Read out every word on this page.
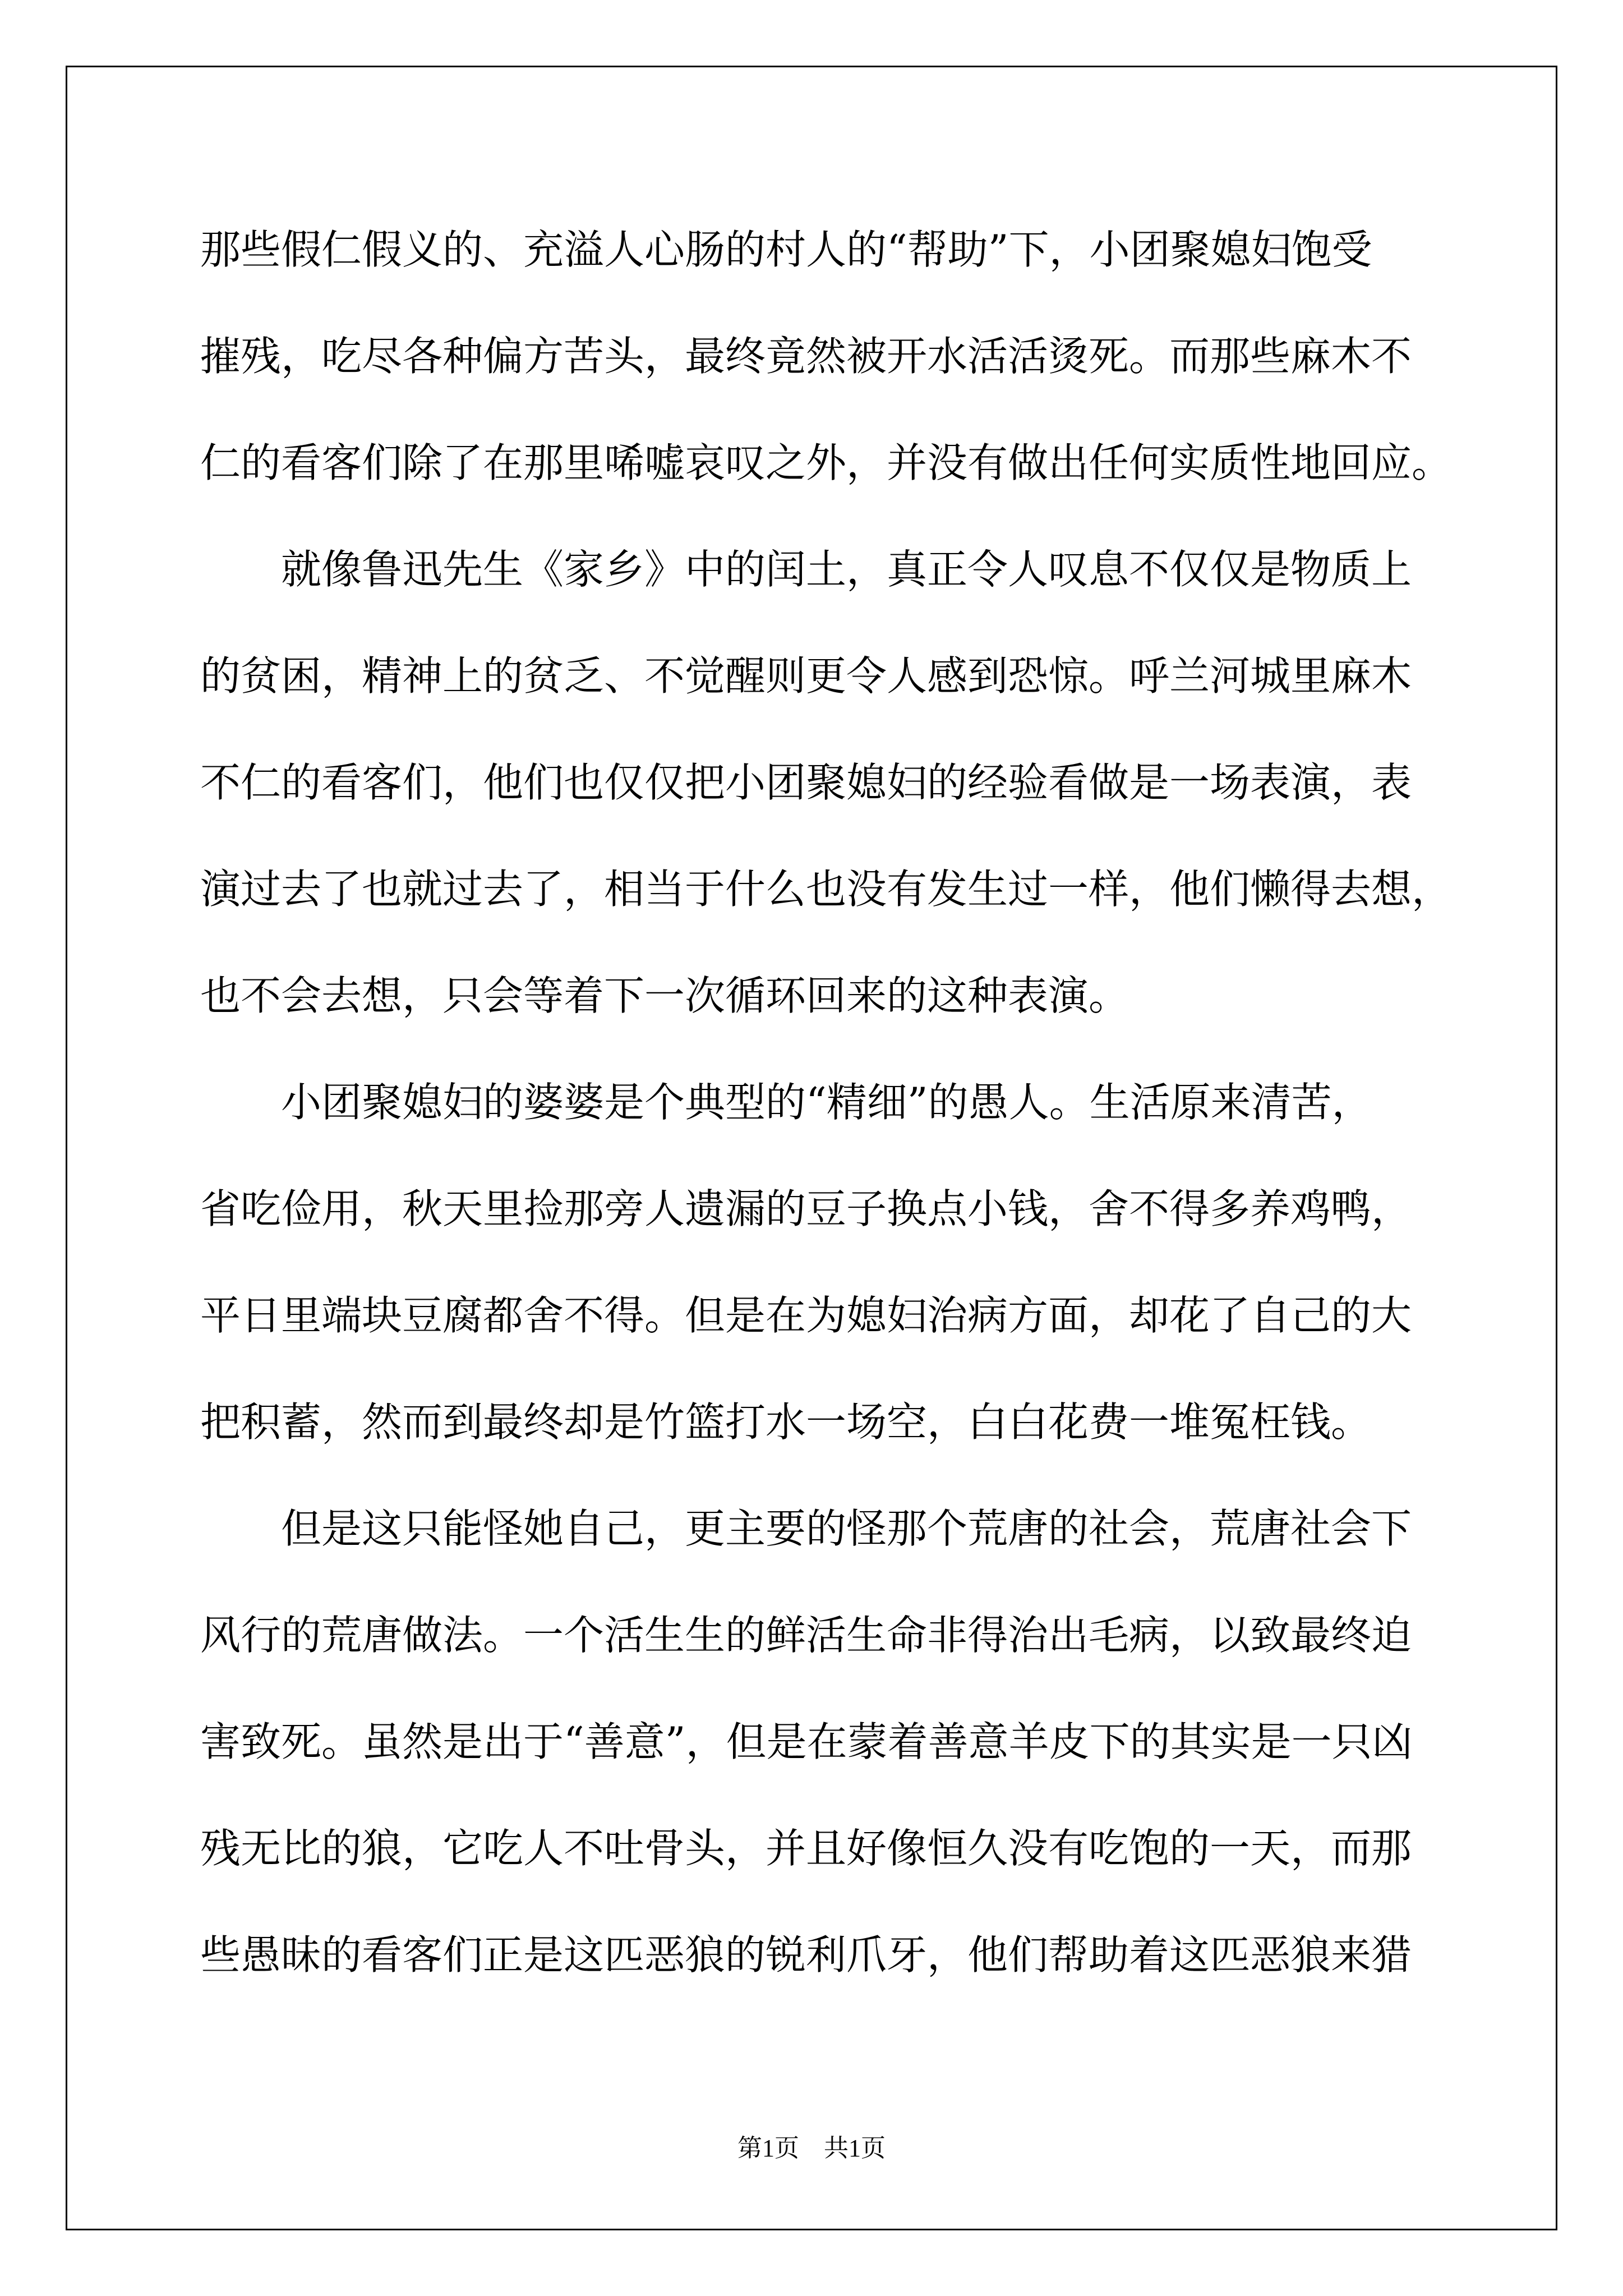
那些假仁假义的、充溢人心肠的村人的“帮助”下，小团聚媳妇饱受
摧残，吃尽各种偏方苦头，最终竟然被开水活活烫死。而那些麻木不
仁的看客们除了在那里唏嘘哀叹之外，并没有做出任何实质性地回应。
就像鲁迅先生《家乡》中的闰土，真正令人叹息不仅仅是物质上
的贫困，精神上的贫乏、不觉醒则更令人感到恐惊。呼兰河城里麻木
不仁的看客们，他们也仅仅把小团聚媳妇的经验看做是一场表演，表
演过去了也就过去了，相当于什么也没有发生过一样，他们懒得去想，
也不会去想，只会等着下一次循环回来的这种表演。
小团聚媳妇的婆婆是个典型的“精细”的愚人。生活原来清苦，
省吃俭用，秋天里捡那旁人遗漏的豆子换点小钱，舍不得多养鸡鸭，
平日里端块豆腐都舍不得。但是在为媳妇治病方面，却花了自己的大
把积蓄，然而到最终却是竹篮打水一场空，白白花费一堆冤枉钱。
但是这只能怪她自己，更主要的怪那个荒唐的社会，荒唐社会下
风行的荒唐做法。一个活生生的鲜活生命非得治出毛病，以致最终迫
害致死。虽然是出于“善意”，但是在蒙着善意羊皮下的其实是一只凶
残无比的狼，它吃人不吐骨头，并且好像恒久没有吃饱的一天，而那
些愚昧的看客们正是这匹恶狼的锐利爪牙，他们帮助着这匹恶狼来猎
第1页　共1页
